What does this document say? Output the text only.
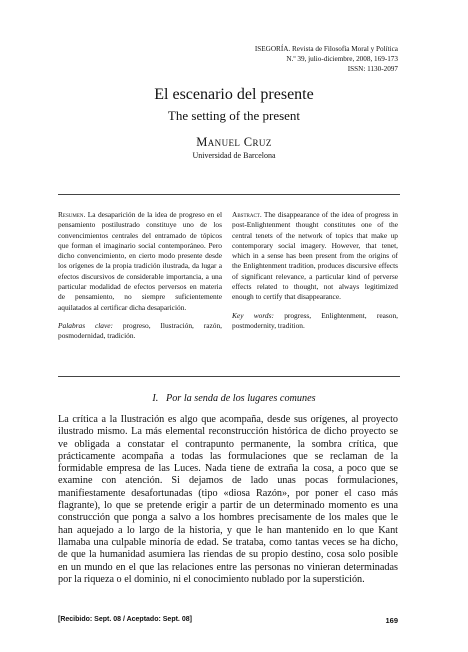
ISEGORÍA. Revista de Filosofía Moral y Política
N.º 39, julio-diciembre, 2008, 169-173
ISSN: 1130-2097
El escenario del presente
The setting of the present
Manuel Cruz
Universidad de Barcelona

Resumen. La desaparición de la idea de progreso en el pensamiento postilustrado constituye uno de los convencimientos centrales del entramado de tópicos que forman el imaginario social contemporáneo. Pero dicho convencimiento, en cierto modo presente desde los orígenes de la propia tradición ilustrada, da lugar a efectos discursivos de considerable importancia, a una particular modalidad de efectos perversos en materia de pensamiento, no siempre suficientemente aquilatados al certificar dicha desaparición.

Palabras clave: progreso, Ilustración, razón, posmodernidad, tradición.

Abstract. The disappearance of the idea of progress in post-Enlightenment thought constitutes one of the central tenets of the network of topics that make up contemporary social imagery. However, that tenet, which in a sense has been present from the origins of the Enlightenment tradition, produces discursive effects of significant relevance, a particular kind of perverse effects related to thought, not always legitimized enough to certify that disappearance.

Key words: progress, Enlightenment, reason, postmodernity, tradition.

I.   Por la senda de los lugares comunes

La crítica a la Ilustración es algo que acompaña, desde sus orígenes, al proyecto ilustrado mismo. La más elemental reconstrucción histórica de dicho proyecto se ve obligada a constatar el contrapunto permanente, la sombra crítica, que prácticamente acompaña a todas las formulaciones que se reclaman de la formidable empresa de las Luces. Nada tiene de extraña la cosa, a poco que se examine con atención. Si dejamos de lado unas pocas formulaciones, manifiestamente desafortunadas (tipo «diosa Razón», por poner el caso más flagrante), lo que se pretende erigir a partir de un determinado momento es una construcción que ponga a salvo a los hombres precisamente de los males que le han aquejado a lo largo de la historia, y que le han mantenido en lo que Kant llamaba una culpable minoría de edad. Se trataba, como tantas veces se ha dicho, de que la humanidad asumiera las riendas de su propio destino, cosa solo posible en un mundo en el que las relaciones entre las personas no vinieran determinadas por la riqueza o el dominio, ni el conocimiento nublado por la superstición.

[Recibido: Sept. 08 / Aceptado: Sept. 08]	169
